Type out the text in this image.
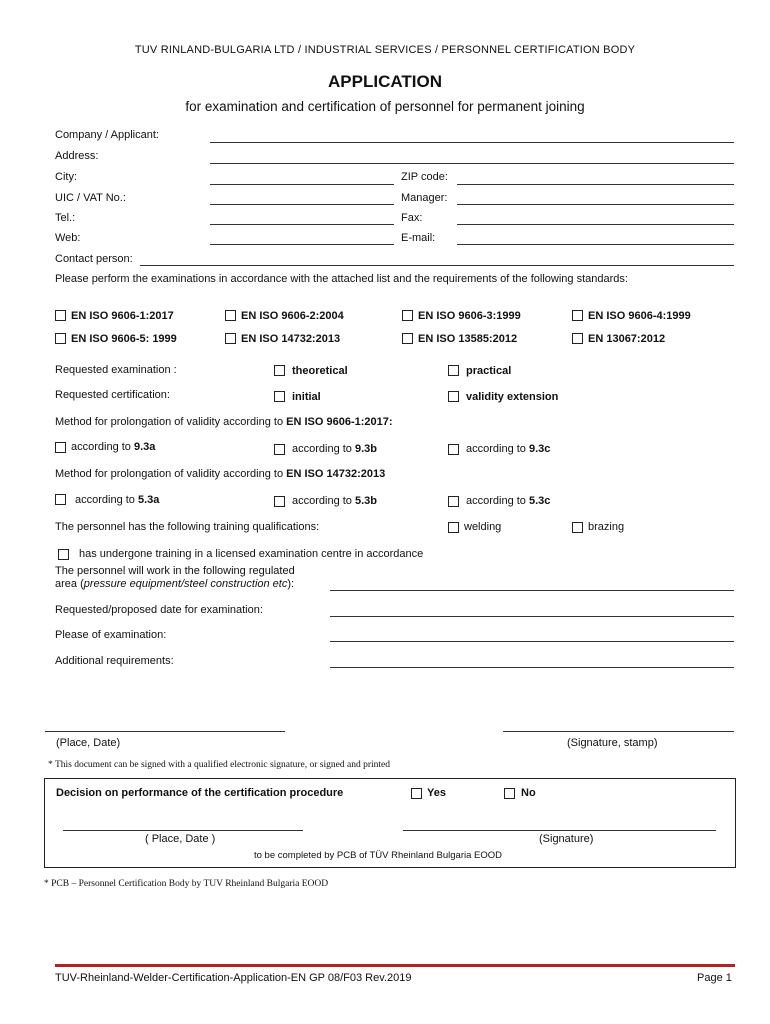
TUV RINLAND-BULGARIA LTD / INDUSTRIAL SERVICES / PERSONNEL CERTIFICATION BODY
APPLICATION
for examination and certification of personnel for permanent joining
Company / Applicant:
Address:
City:	ZIP code:
UIC / VAT No.:	Manager:
Tel.:	Fax:
Web:	E-mail:
Contact person:
Please perform the examinations in accordance with the attached list and the requirements of the following standards:
EN ISO 9606-1:2017	EN ISO 9606-2:2004	EN ISO 9606-3:1999	EN ISO 9606-4:1999
EN ISO 9606-5: 1999	EN ISO 14732:2013	EN ISO 13585:2012	EN 13067:2012
Requested examination :	theoretical	practical
Requested certification:	initial	validity extension
Method for prolongation of validity according to EN ISO 9606-1:2017:
according to 9.3a	according to 9.3b	according to 9.3c
Method for prolongation of validity according to EN ISO 14732:2013
according to 5.3a	according to 5.3b	according to 5.3c
The personnel has the following training qualifications:	welding	brazing
has undergone training in a licensed examination centre in accordance
The personnel will work in the following regulated
area (pressure equipment/steel construction etc):
Requested/proposed date for examination:
Please of examination:
Additional requirements:
(Place, Date)	(Signature, stamp)
* This document can be signed with a qualified electronic signature, or signed and printed
Decision on performance of the certification procedure	Yes	No
( Place, Date )	(Signature)
to be completed by PCB of TÜV Rheinland Bulgaria EOOD
* PCB – Personnel Certification Body by TUV Rheinland Bulgaria EOOD
TUV-Rheinland-Welder-Certification-Application-EN GP 08/F03 Rev.2019	Page 1
